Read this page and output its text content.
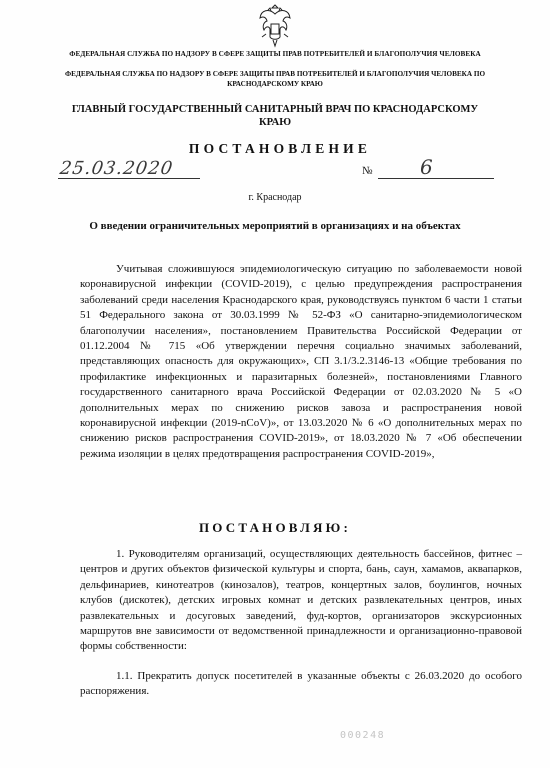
ФЕДЕРАЛЬНАЯ СЛУЖБА ПО НАДЗОРУ В СФЕРЕ ЗАЩИТЫ ПРАВ ПОТРЕБИТЕЛЕЙ И БЛАГОПОЛУЧИЯ ЧЕЛОВЕКА
ФЕДЕРАЛЬНАЯ СЛУЖБА ПО НАДЗОРУ В СФЕРЕ ЗАЩИТЫ ПРАВ ПОТРЕБИТЕЛЕЙ И БЛАГОПОЛУЧИЯ ЧЕЛОВЕКА ПО КРАСНОДАРСКОМУ КРАЮ
ГЛАВНЫЙ ГОСУДАРСТВЕННЫЙ САНИТАРНЫЙ ВРАЧ ПО КРАСНОДАРСКОМУ КРАЮ
ПОСТАНОВЛЕНИЕ
25.03.2020	№ 6
г. Краснодар
О введении ограничительных мероприятий в организациях и на объектах

Учитывая сложившуюся эпидемиологическую ситуацию по заболеваемости новой коронавирусной инфекции (COVID-2019), с целью предупреждения распространения заболеваний среди населения Краснодарского края, руководствуясь пунктом 6 части 1 статьи 51 Федерального закона от 30.03.1999 № 52-ФЗ «О санитарно-эпидемиологическом благополучии населения», постановлением Правительства Российской Федерации от 01.12.2004 № 715 «Об утверждении перечня социально значимых заболеваний, представляющих опасность для окружающих», СП 3.1/3.2.3146-13 «Общие требования по профилактике инфекционных и паразитарных болезней», постановлениями Главного государственного санитарного врача Российской Федерации от 02.03.2020 № 5 «О дополнительных мерах по снижению рисков завоза и распространения новой коронавирусной инфекции (2019-nCoV)», от 13.03.2020 № 6 «О дополнительных мерах по снижению рисков распространения COVID-2019», от 18.03.2020 № 7 «Об обеспечении режима изоляции в целях предотвращения распространения COVID-2019»,

ПОСТАНОВЛЯЮ:

1. Руководителям организаций, осуществляющих деятельность бассейнов, фитнес – центров и других объектов физической культуры и спорта, бань, саун, хамамов, аквапарков, дельфинариев, кинотеатров (кинозалов), театров, концертных залов, боулингов, ночных клубов (дискотек), детских игровых комнат и детских развлекательных центров, иных развлекательных и досуговых заведений, фуд-кортов, организаторов экскурсионных маршрутов вне зависимости от ведомственной принадлежности и организационно-правовой формы собственности:

1.1. Прекратить допуск посетителей в указанные объекты с 26.03.2020 до особого распоряжения.

000248
